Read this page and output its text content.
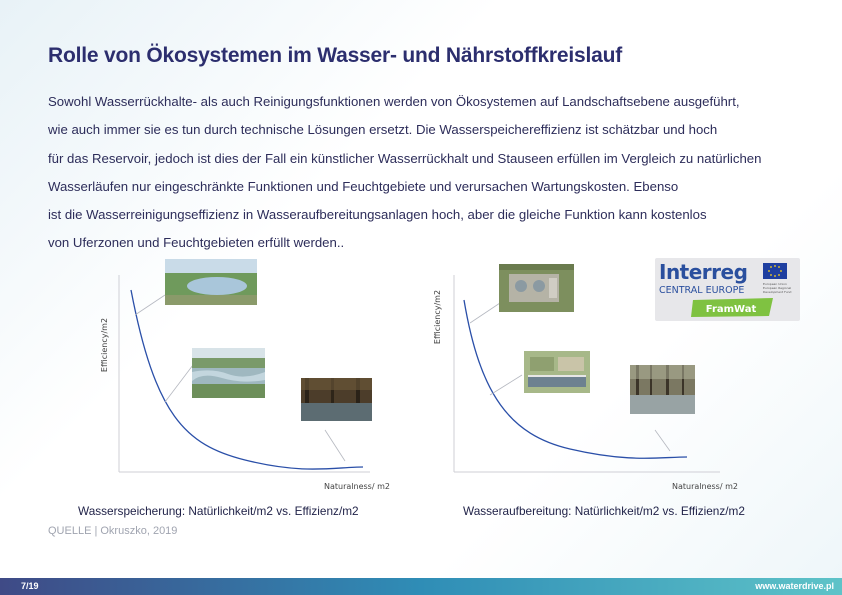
Rolle von Ökosystemen im Wasser- und Nährstoffkreislauf
Sowohl Wasserrückhalte- als auch Reinigungsfunktionen werden von Ökosystemen auf Landschaftsebene ausgeführt,
wie auch immer sie es tun durch technische Lösungen ersetzt. Die Wasserspeichereffizienz ist schätzbar und hoch
für das Reservoir, jedoch ist dies der Fall ein künstlicher Wasserrückhalt und Stauseen erfüllen im Vergleich zu natürlichen
Wasserläufen nur eingeschränkte Funktionen und Feuchtgebiete und verursachen Wartungskosten. Ebenso
ist die Wasserreinigungseffizienz in Wasseraufbereitungsanlagen hoch, aber die gleiche Funktion kann kostenlos
von Uferzonen und Feuchtgebieten erfüllt werden..
Efficiency/m2
Naturalness/ m2
Wasserspeicherung: Natürlichkeit/m2 vs. Effizienz/m2
Efficiency/m2
Naturalness/ m2
Wasseraufbereitung: Natürlichkeit/m2 vs. Effizienz/m2
Interreg
CENTRAL EUROPE
European Union
European Regional
Development Fund
FramWat
QUELLE | Okruszko, 2019
7/19	www.waterdrive.pl
